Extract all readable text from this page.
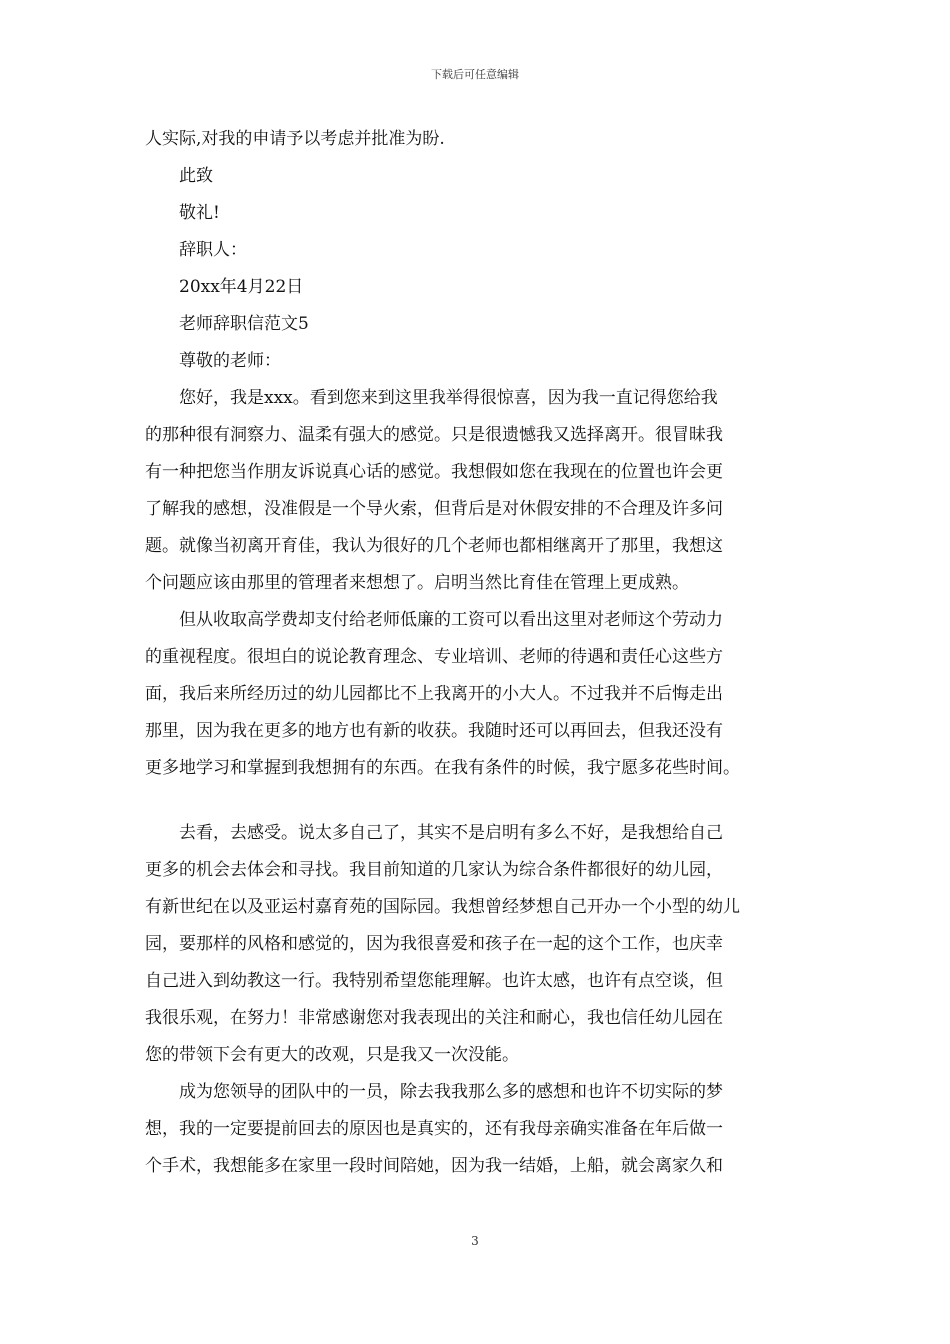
下载后可任意编辑
人实际,对我的申请予以考虑并批准为盼.
此致
敬礼!
辞职人：
20xx年4月22日
老师辞职信范文5
尊敬的老师：
您好，我是xxx。看到您来到这里我举得很惊喜，因为我一直记得您给我
的那种很有洞察力、温柔有强大的感觉。只是很遗憾我又选择离开。很冒昧我
有一种把您当作朋友诉说真心话的感觉。我想假如您在我现在的位置也许会更
了解我的感想，没准假是一个导火索，但背后是对休假安排的不合理及许多问
题。就像当初离开育佳，我认为很好的几个老师也都相继离开了那里，我想这
个问题应该由那里的管理者来想想了。启明当然比育佳在管理上更成熟。
但从收取高学费却支付给老师低廉的工资可以看出这里对老师这个劳动力
的重视程度。很坦白的说论教育理念、专业培训、老师的待遇和责任心这些方
面，我后来所经历过的幼儿园都比不上我离开的小大人。不过我并不后悔走出
那里，因为我在更多的地方也有新的收获。我随时还可以再回去，但我还没有
更多地学习和掌握到我想拥有的东西。在我有条件的时候，我宁愿多花些时间。
去看，去感受。说太多自己了，其实不是启明有多么不好，是我想给自己
更多的机会去体会和寻找。我目前知道的几家认为综合条件都很好的幼儿园，
有新世纪在以及亚运村嘉育苑的国际园。我想曾经梦想自己开办一个小型的幼儿
园，要那样的风格和感觉的，因为我很喜爱和孩子在一起的这个工作，也庆幸
自己进入到幼教这一行。我特别希望您能理解。也许太感，也许有点空谈，但
我很乐观，在努力！非常感谢您对我表现出的关注和耐心，我也信任幼儿园在
您的带领下会有更大的改观，只是我又一次没能。
成为您领导的团队中的一员，除去我我那么多的感想和也许不切实际的梦
想，我的一定要提前回去的原因也是真实的，还有我母亲确实准备在年后做一
个手术，我想能多在家里一段时间陪她，因为我一结婚，上船，就会离家久和
3
